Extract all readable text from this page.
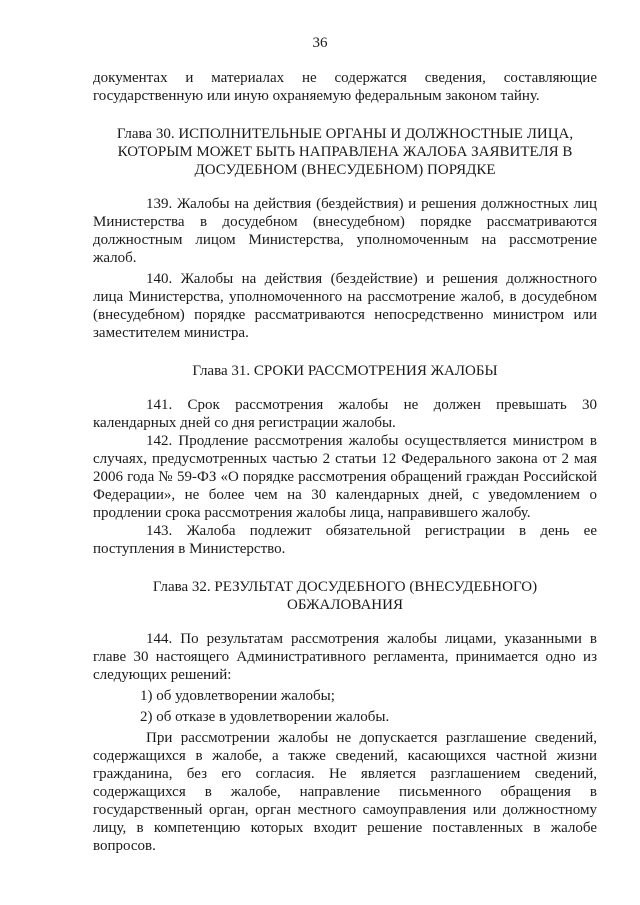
36

документах и материалах не содержатся сведения, составляющие государственную или иную охраняемую федеральным законом тайну.

Глава 30. ИСПОЛНИТЕЛЬНЫЕ ОРГАНЫ И ДОЛЖНОСТНЫЕ ЛИЦА,

КОТОРЫМ МОЖЕТ БЫТЬ НАПРАВЛЕНА ЖАЛОБА ЗАЯВИТЕЛЯ В

ДОСУДЕБНОМ (ВНЕСУДЕБНОМ) ПОРЯДКЕ

139. Жалобы на действия (бездействия) и решения должностных лиц Министерства в досудебном (внесудебном) порядке рассматриваются должностным лицом Министерства, уполномоченным на рассмотрение жалоб.

140. Жалобы на действия (бездействие) и решения должностного лица Министерства, уполномоченного на рассмотрение жалоб, в досудебном (внесудебном) порядке рассматриваются непосредственно министром или заместителем министра.

Глава 31. СРОКИ РАССМОТРЕНИЯ ЖАЛОБЫ

141. Срок рассмотрения жалобы не должен превышать 30 календарных дней со дня регистрации жалобы.

142. Продление рассмотрения жалобы осуществляется министром в случаях, предусмотренных частью 2 статьи 12 Федерального закона от 2 мая 2006 года № 59-ФЗ «О порядке рассмотрения обращений граждан Российской Федерации», не более чем на 30 календарных дней, с уведомлением о продлении срока рассмотрения жалобы лица, направившего жалобу.

143. Жалоба подлежит обязательной регистрации в день ее поступления в Министерство.

Глава 32. РЕЗУЛЬТАТ ДОСУДЕБНОГО (ВНЕСУДЕБНОГО)

ОБЖАЛОВАНИЯ

144. По результатам рассмотрения жалобы лицами, указанными в главе 30 настоящего Административного регламента, принимается одно из следующих решений:

1) об удовлетворении жалобы;

2) об отказе в удовлетворении жалобы.

При рассмотрении жалобы не допускается разглашение сведений, содержащихся в жалобе, а также сведений, касающихся частной жизни гражданина, без его согласия. Не является разглашением сведений, содержащихся в жалобе, направление письменного обращения в государственный орган, орган местного самоуправления или должностному лицу, в компетенцию которых входит решение поставленных в жалобе вопросов.
